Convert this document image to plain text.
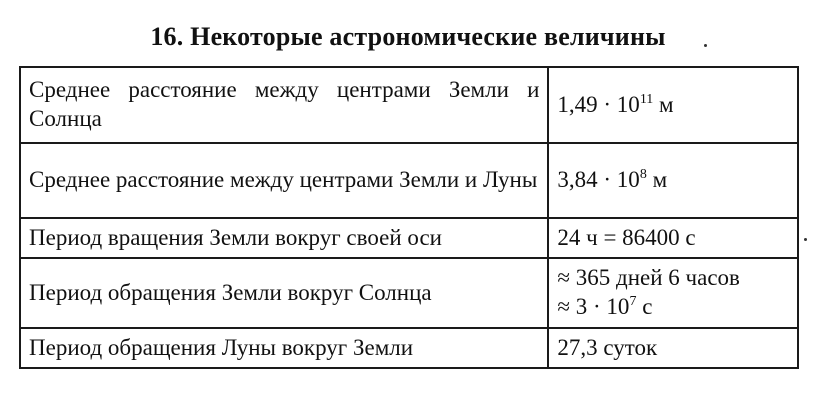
16. Некоторые астрономические величины
Среднее расстояние между центрами Земли и Солнца	$1,49 \cdot 10^{11}$ м
Среднее расстояние между центрами Земли и Луны	$3,84 \cdot 10^8$ м
Период вращения Земли вокруг своей оси	24 ч = 86400 с
Период обращения Земли вокруг Солнца	≈ 365 дней 6 часов
≈ $3 \cdot 10^7$ с

Период обращения Луны вокруг Земли	27,3 суток
